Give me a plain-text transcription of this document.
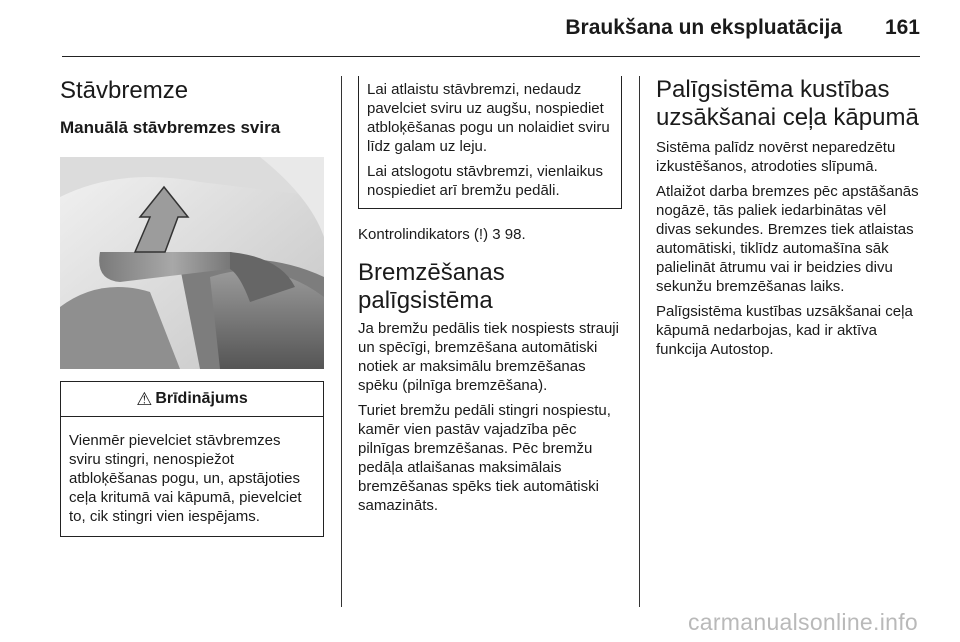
Braukšana un ekspluatācija 161
Stāvbremze
Manuālā stāvbremzes svira
⚠ Brīdinājums

Vienmēr pievelciet stāvbremzes sviru stingri, nenospiežot atbloķēšanas pogu, un, apstājoties ceļa kritumā vai kāpumā, pievelciet to, cik stingri vien iespējams.

Lai atlaistu stāvbremzi, nedaudz pavelciet sviru uz augšu, nospiediet atbloķēšanas pogu un nolaidiet sviru līdz galam uz leju.

Lai atslogotu stāvbremzi, vienlaikus nospiediet arī bremžu pedāli.

Kontrolindikators (!) 3 98.

Bremzēšanas palīgsistēma

Ja bremžu pedālis tiek nospiests strauji un spēcīgi, bremzēšana automātiski notiek ar maksimālu bremzēšanas spēku (pilnīga bremzēšana).

Turiet bremžu pedāli stingri nospiestu, kamēr vien pastāv vajadzība pēc pilnīgas bremzēšanas. Pēc bremžu pedāļa atlaišanas maksimālais bremzēšanas spēks tiek automātiski samazināts.

Palīgsistēma kustības uzsākšanai ceļa kāpumā

Sistēma palīdz novērst neparedzētu izkustēšanos, atrodoties slīpumā.

Atlaižot darba bremzes pēc apstāšanās nogāzē, tās paliek iedarbinātas vēl divas sekundes. Bremzes tiek atlaistas automātiski, tiklīdz automašīna sāk palielināt ātrumu vai ir beidzies divu sekunžu bremzēšanas laiks.

Palīgsistēma kustības uzsākšanai ceļa kāpumā nedarbojas, kad ir aktīva funkcija Autostop.

carmanualsonline.info
